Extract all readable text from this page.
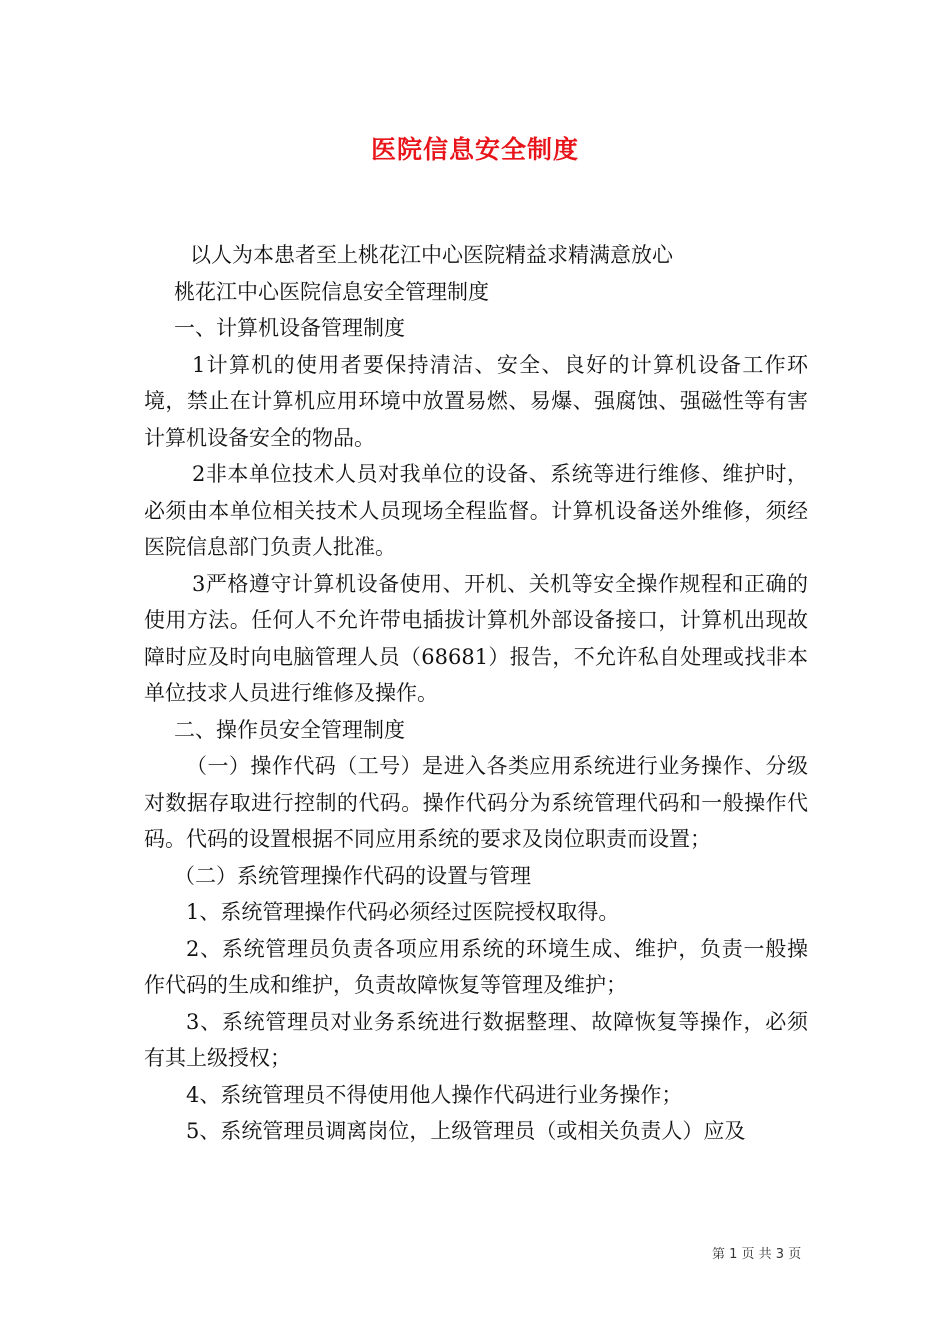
医院信息安全制度

以人为本患者至上桃花江中心医院精益求精满意放心

桃花江中心医院信息安全管理制度

一、计算机设备管理制度

1计算机的使用者要保持清洁、安全、良好的计算机设备工作环境，禁止在计算机应用环境中放置易燃、易爆、强腐蚀、强磁性等有害计算机设备安全的物品。

2非本单位技术人员对我单位的设备、系统等进行维修、维护时，必须由本单位相关技术人员现场全程监督。计算机设备送外维修，须经医院信息部门负责人批准。

3严格遵守计算机设备使用、开机、关机等安全操作规程和正确的使用方法。任何人不允许带电插拔计算机外部设备接口，计算机出现故障时应及时向电脑管理人员（68681）报告，不允许私自处理或找非本单位技求人员进行维修及操作。

二、操作员安全管理制度

（一）操作代码（工号）是进入各类应用系统进行业务操作、分级对数据存取进行控制的代码。操作代码分为系统管理代码和一般操作代码。代码的设置根据不同应用系统的要求及岗位职责而设置；

（二）系统管理操作代码的设置与管理

1、系统管理操作代码必须经过医院授权取得。

2、系统管理员负责各项应用系统的环境生成、维护，负责一般操作代码的生成和维护，负责故障恢复等管理及维护；

3、系统管理员对业务系统进行数据整理、故障恢复等操作，必须有其上级授权；

4、系统管理员不得使用他人操作代码进行业务操作；

5、系统管理员调离岗位，上级管理员（或相关负责人）应及

第 1 页 共 3 页
